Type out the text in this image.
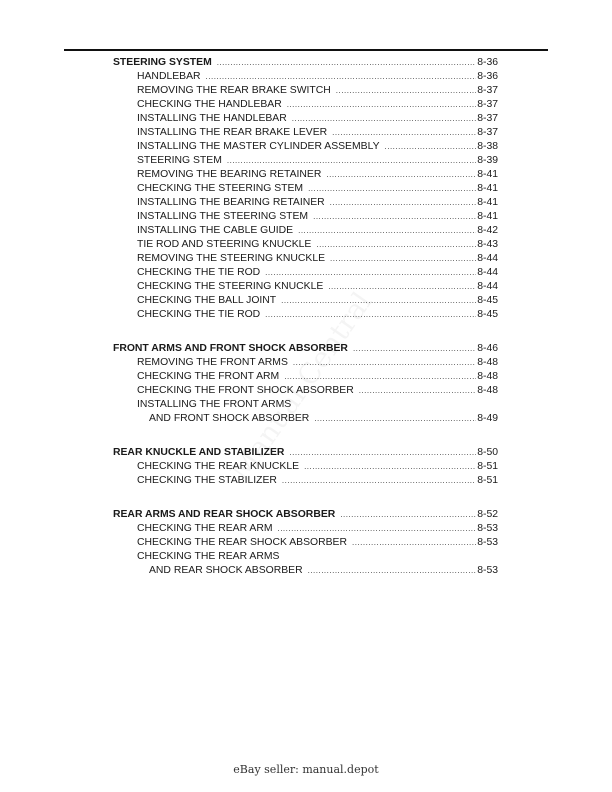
STEERING SYSTEM .....	8-36
HANDLEBAR .....	8-36
REMOVING THE REAR BRAKE SWITCH .....	8-37
CHECKING THE HANDLEBAR .....	8-37
INSTALLING THE HANDLEBAR .....	8-37
INSTALLING THE REAR BRAKE LEVER .....	8-37
INSTALLING THE MASTER CYLINDER ASSEMBLY .....	8-38
STEERING STEM .....	8-39
REMOVING THE BEARING RETAINER .....	8-41
CHECKING THE STEERING STEM .....	8-41
INSTALLING THE BEARING RETAINER .....	8-41
INSTALLING THE STEERING STEM .....	8-41
INSTALLING THE CABLE GUIDE .....	8-42
TIE ROD AND STEERING KNUCKLE .....	8-43
REMOVING THE STEERING KNUCKLE .....	8-44
CHECKING THE TIE ROD .....	8-44
CHECKING THE STEERING KNUCKLE .....	8-44
CHECKING THE BALL JOINT .....	8-45
CHECKING THE TIE ROD .....	8-45
FRONT ARMS AND FRONT SHOCK ABSORBER .....	8-46
REMOVING THE FRONT ARMS .....	8-48
CHECKING THE FRONT ARM .....	8-48
CHECKING THE FRONT SHOCK ABSORBER .....	8-48
INSTALLING THE FRONT ARMS
AND FRONT SHOCK ABSORBER .....	8-49
REAR KNUCKLE AND STABILIZER .....	8-50
CHECKING THE REAR KNUCKLE .....	8-51
CHECKING THE STABILIZER .....	8-51
REAR ARMS AND REAR SHOCK ABSORBER .....	8-52
CHECKING THE REAR ARM .....	8-53
CHECKING THE REAR SHOCK ABSORBER .....	8-53
CHECKING THE REAR ARMS
AND REAR SHOCK ABSORBER .....	8-53
eBay seller: manual.depot
